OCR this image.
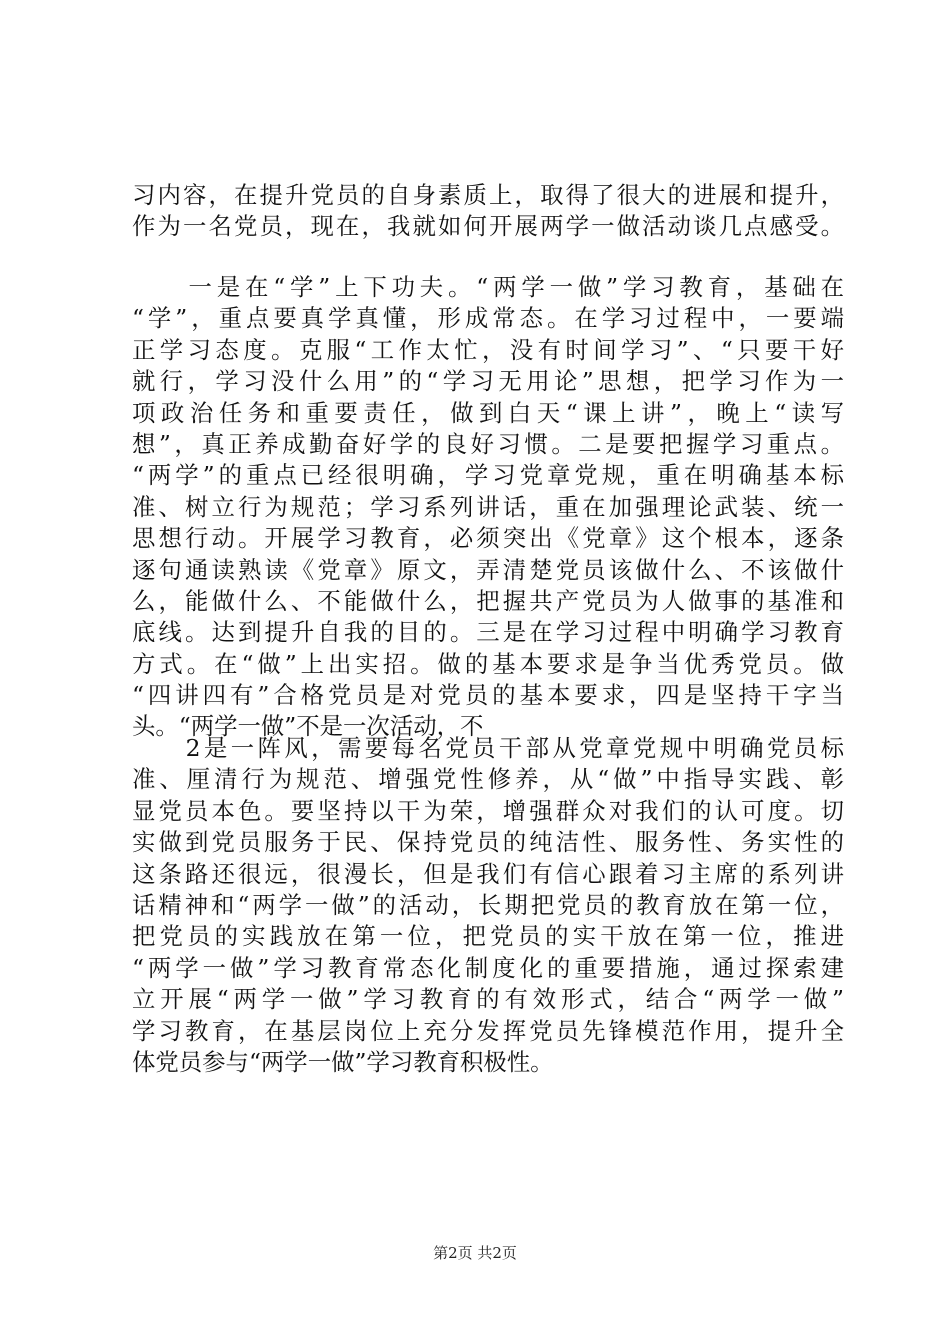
习内容，在提升党员的自身素质上，取得了很大的进展和提升，
作为一名党员，现在，我就如何开展两学一做活动谈几点感受。
　　一是在“学”上下功夫。“两学一做”学习教育，基础在
“学”，重点要真学真懂，形成常态。在学习过程中，一要端
正学习态度。克服“工作太忙，没有时间学习”、“只要干好
就行，学习没什么用”的“学习无用论”思想，把学习作为一
项政治任务和重要责任，做到白天“课上讲”，晚上“读写
想”，真正养成勤奋好学的良好习惯。二是要把握学习重点。
“两学”的重点已经很明确，学习党章党规，重在明确基本标
准、树立行为规范；学习系列讲话，重在加强理论武装、统一
思想行动。开展学习教育，必须突出《党章》这个根本，逐条
逐句通读熟读《党章》原文，弄清楚党员该做什么、不该做什
么，能做什么、不能做什么，把握共产党员为人做事的基准和
底线。达到提升自我的目的。三是在学习过程中明确学习教育
方式。在“做”上出实招。做的基本要求是争当优秀党员。做
“四讲四有”合格党员是对党员的基本要求，四是坚持干字当
头。“两学一做”不是一次活动，不
　　2是一阵风，需要每名党员干部从党章党规中明确党员标
准、厘清行为规范、增强党性修养，从“做”中指导实践、彰
显党员本色。要坚持以干为荣，增强群众对我们的认可度。切
实做到党员服务于民、保持党员的纯洁性、服务性、务实性的
这条路还很远，很漫长，但是我们有信心跟着习主席的系列讲
话精神和“两学一做”的活动，长期把党员的教育放在第一位，
把党员的实践放在第一位，把党员的实干放在第一位，推进
“两学一做”学习教育常态化制度化的重要措施，通过探索建
立开展“两学一做”学习教育的有效形式，结合“两学一做”
学习教育，在基层岗位上充分发挥党员先锋模范作用，提升全
体党员参与“两学一做”学习教育积极性。
第2页 共2页
